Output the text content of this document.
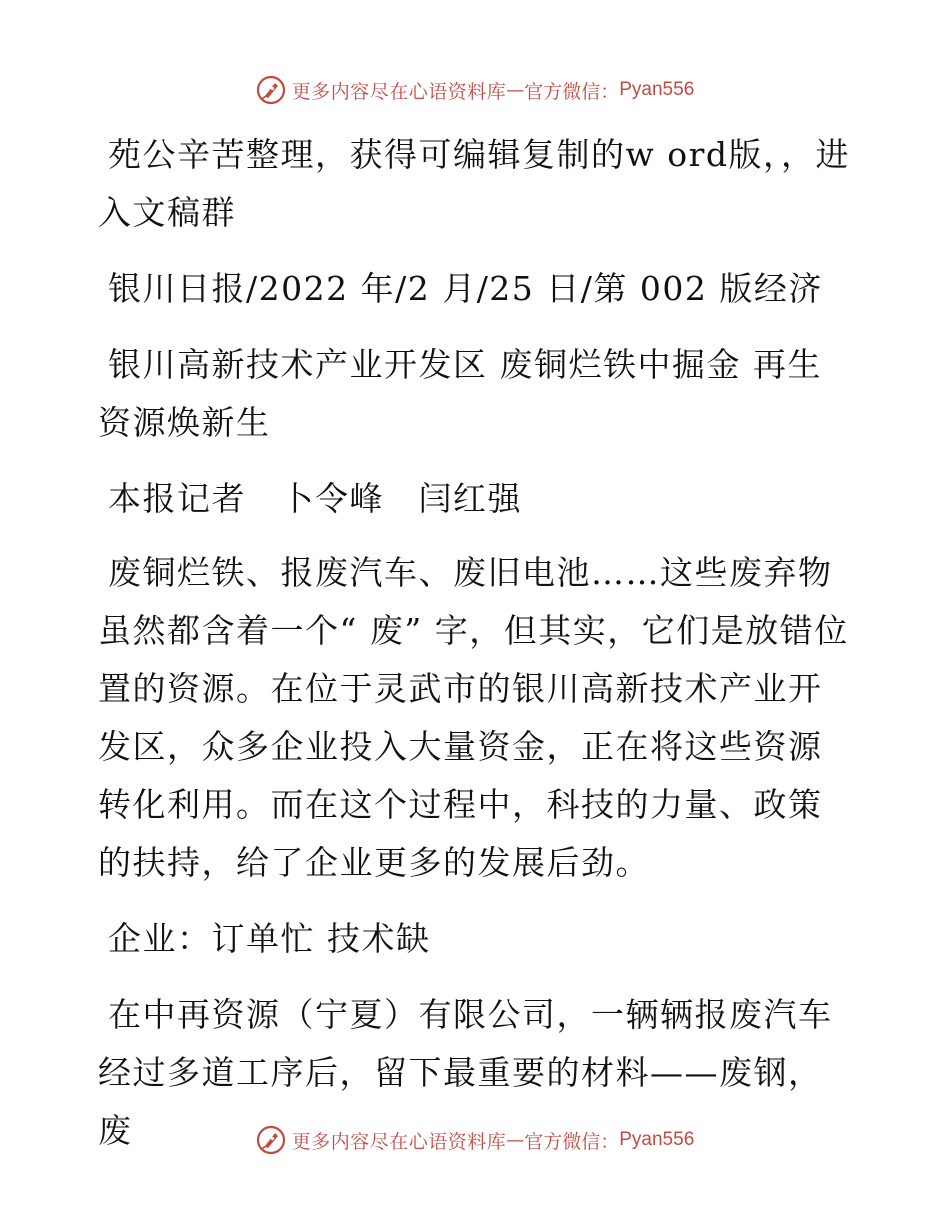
更多内容尽在心语资料库 — 官方微信： Pyan556

苑公辛苦整理，获得可编辑复制的w ord版，，进入文稿群

银川日报/2022 年/2 月/25 日/第 002 版经济

银川高新技术产业开发区 废铜烂铁中掘金 再生资源焕新生

本报记者　卜令峰　闫红强

废铜烂铁、报废汽车、废旧电池……这些废弃物虽然都含着一个“ 废” 字，但其实，它们是放错位置的资源。在位于灵武市的银川高新技术产业开发区，众多企业投入大量资金，正在将这些资源转化利用。而在这个过程中，科技的力量、政策的扶持，给了企业更多的发展后劲。

企业：订单忙 技术缺

在中再资源（宁夏）有限公司，一辆辆报废汽车经过多道工序后，留下最重要的材料——废钢，废	更多内容尽在心语资料库 — 官方微信： Pyan556
